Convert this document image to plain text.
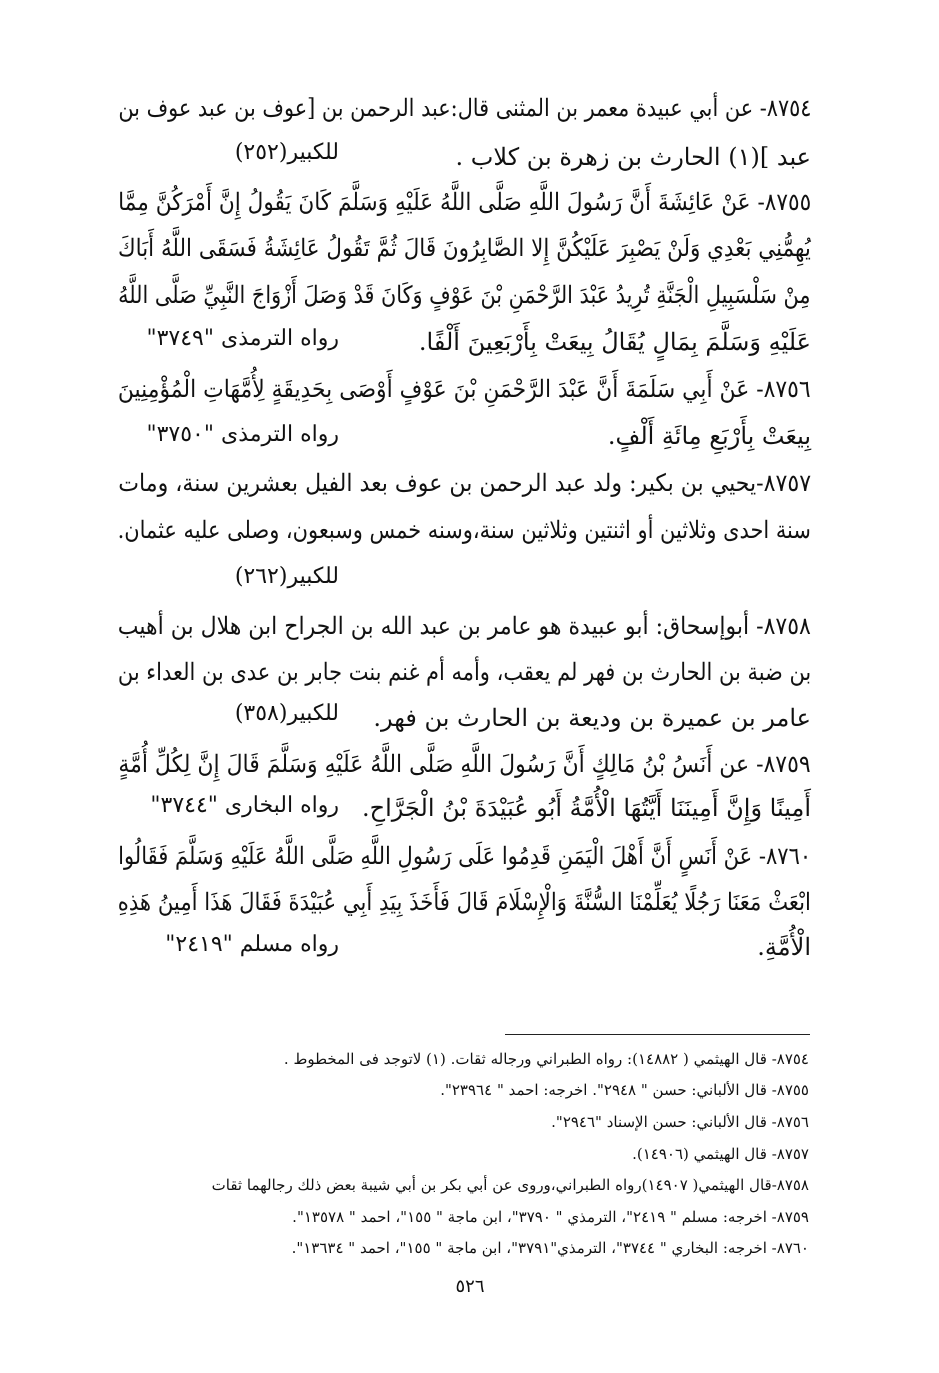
٨٧٥٤- عن أبي عبيدة معمر بن المثنى قال:عبد الرحمن بن [عوف بن عبد عوف بن
عبد ](١) الحارث بن زهرة بن كلاب .
للكبير(٢٥٢)
٨٧٥٥- عَنْ عَائِشَةَ أَنَّ رَسُولَ اللَّهِ صَلَّى اللَّهُ عَلَيْهِ وَسَلَّمَ كَانَ يَقُولُ إِنَّ أَمْرَكُنَّ مِمَّا
يُهِمُّنِي بَعْدِي وَلَنْ يَصْبِرَ عَلَيْكُنَّ إِلا الصَّابِرُونَ قَالَ ثُمَّ تَقُولُ عَائِشَةُ فَسَقَى اللَّهُ أَبَاكَ
مِنْ سَلْسَبِيلِ الْجَنَّةِ تُرِيدُ عَبْدَ الرَّحْمَنِ بْنَ عَوْفٍ وَكَانَ قَدْ وَصَلَ أَزْوَاجَ النَّبِيِّ صَلَّى اللَّهُ
عَلَيْهِ وَسَلَّمَ بِمَالٍ يُقَالُ بِيعَتْ بِأَرْبَعِينَ أَلْفًا.
رواه الترمذى "٣٧٤٩"
٨٧٥٦- عَنْ أَبِي سَلَمَةَ أَنَّ عَبْدَ الرَّحْمَنِ بْنَ عَوْفٍ أَوْصَى بِحَدِيقَةٍ لِأُمَّهَاتِ الْمُؤْمِنِينَ
بِيعَتْ بِأَرْبَعِ مِائَةِ أَلْفٍ.
رواه الترمذى "٣٧٥٠"
٨٧٥٧-يحيي بن بكير: ولد عبد الرحمن بن عوف بعد الفيل بعشرين سنة، ومات
سنة احدى وثلاثين أو اثنتين وثلاثين سنة،وسنه خمس وسبعون، وصلى عليه عثمان.
للكبير(٢٦٢)
٨٧٥٨- أبوإسحاق: أبو عبيدة هو عامر بن عبد الله بن الجراح ابن هلال بن أهيب
بن ضبة بن الحارث بن فهر لم يعقب، وأمه أم غنم بنت جابر بن عدى بن العداء بن
عامر بن عميرة بن وديعة بن الحارث بن فهر.
للكبير(٣٥٨)
٨٧٥٩- عن أَنَسُ بْنُ مَالِكٍ أَنَّ رَسُولَ اللَّهِ صَلَّى اللَّهُ عَلَيْهِ وَسَلَّمَ قَالَ إِنَّ لِكُلِّ أُمَّةٍ
أَمِينًا وَإِنَّ أَمِينَنَا أَيَّتُهَا الْأُمَّةُ أَبُو عُبَيْدَةَ بْنُ الْجَرَّاحِ.
رواه البخارى "٣٧٤٤"
٨٧٦٠- عَنْ أَنَسٍ أَنَّ أَهْلَ الْيَمَنِ قَدِمُوا عَلَى رَسُولِ اللَّهِ صَلَّى اللَّهُ عَلَيْهِ وَسَلَّمَ فَقَالُوا
ابْعَثْ مَعَنَا رَجُلًا يُعَلِّمْنَا السُّنَّةَ وَالْإِسْلَامَ قَالَ فَأَخَذَ بِيَدِ أَبِي عُبَيْدَةَ فَقَالَ هَذَا أَمِينُ هَذِهِ
الْأُمَّةِ.
رواه مسلم "٢٤١٩"
٨٧٥٤- قال الهيثمي ( ١٤٨٨٢): رواه الطبراني ورجاله ثقات. (١) لاتوجد فى المخطوط .
٨٧٥٥- قال الألباني: حسن " ٢٩٤٨". اخرجه: احمد " ٢٣٩٦٤".
٨٧٥٦- قال الألباني: حسن الإسناد "٢٩٤٦".
٨٧٥٧- قال الهيثمي (١٤٩٠٦).
٨٧٥٨-قال الهيثمي( ١٤٩٠٧)رواه الطبراني،وروى عن أبي بكر بن أبي شيبة بعض ذلك رجالهما ثقات
٨٧٥٩- اخرجه: مسلم " ٢٤١٩"، الترمذي " ٣٧٩٠"، ابن ماجة " ١٥٥"، احمد " ١٣٥٧٨".
٨٧٦٠- اخرجه: البخاري " ٣٧٤٤"، الترمذي"٣٧٩١"، ابن ماجة " ١٥٥"، احمد " ١٣٦٣٤".
٥٢٦
